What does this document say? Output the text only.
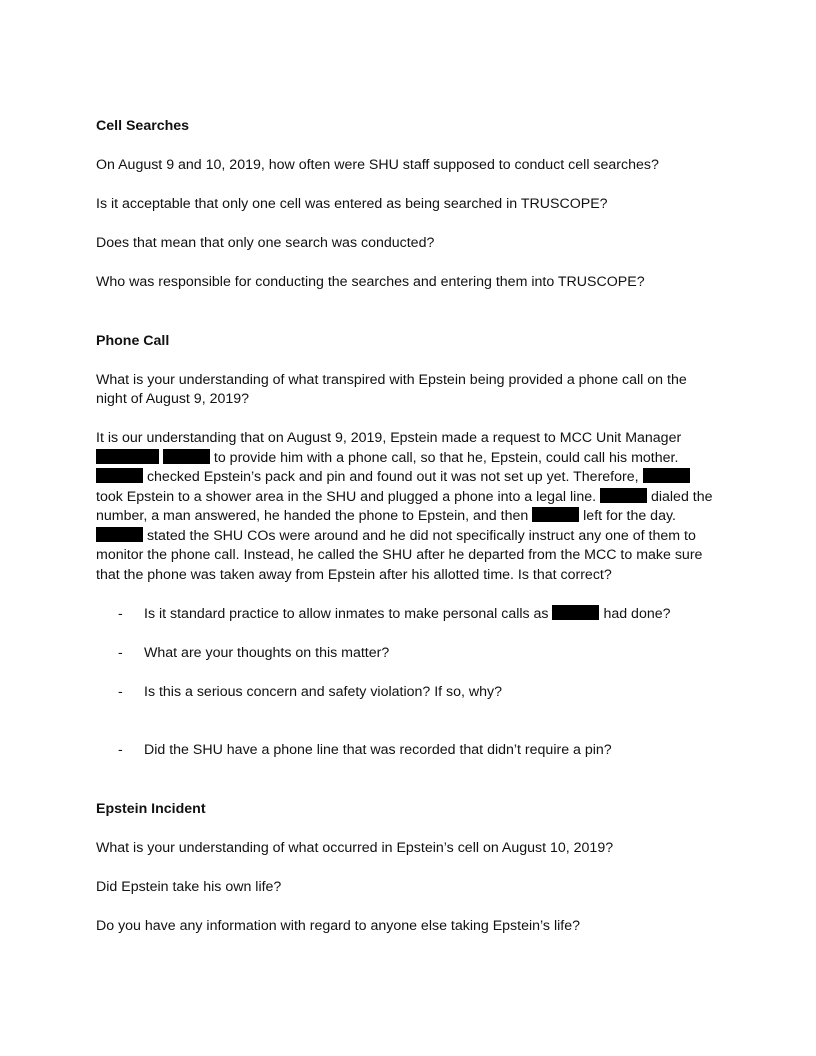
Cell Searches

On August 9 and 10, 2019, how often were SHU staff supposed to conduct cell searches?

Is it acceptable that only one cell was entered as being searched in TRUSCOPE?

Does that mean that only one search was conducted?

Who was responsible for conducting the searches and entering them into TRUSCOPE?

Phone Call

What is your understanding of what transpired with Epstein being provided a phone call on the night of August 9, 2019?

It is our understanding that on August 9, 2019, Epstein made a request to MCC Unit Manager   to provide him with a phone call, so that he, Epstein, could call his mother.  checked Epstein’s pack and pin and found out it was not set up yet. Therefore,  took Epstein to a shower area in the SHU and plugged a phone into a legal line.	dialed the number, a man answered, he handed the phone to Epstein, and then	left for the day.  stated the SHU COs were around and he did not specifically instruct any one of them to monitor the phone call. Instead, he called the SHU after he departed from the MCC to make sure that the phone was taken away from Epstein after his allotted time. Is that correct?

- Is it standard practice to allow inmates to make personal calls as	had done?
- What are your thoughts on this matter?
- Is this a serious concern and safety violation? If so, why?
- Did the SHU have a phone line that was recorded that didn’t require a pin?
Epstein Incident

What is your understanding of what occurred in Epstein’s cell on August 10, 2019?

Did Epstein take his own life?

Do you have any information with regard to anyone else taking Epstein’s life?
